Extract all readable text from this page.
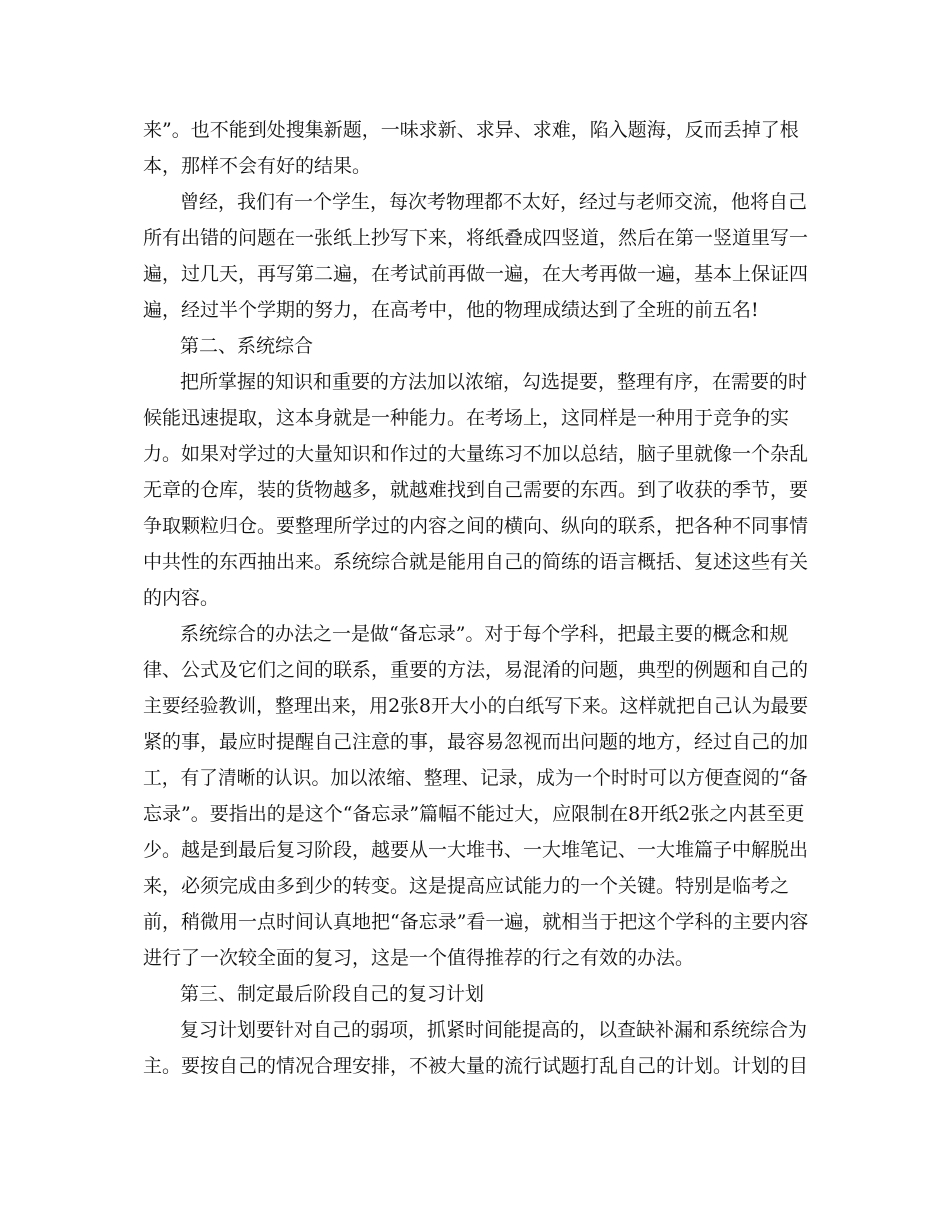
来”。也不能到处搜集新题，一味求新、求异、求难，陷入题海，反而丢掉了根

本，那样不会有好的结果。

曾经，我们有一个学生，每次考物理都不太好，经过与老师交流，他将自己

所有出错的问题在一张纸上抄写下来，将纸叠成四竖道，然后在第一竖道里写一

遍，过几天，再写第二遍，在考试前再做一遍，在大考再做一遍，基本上保证四

遍，经过半个学期的努力，在高考中，他的物理成绩达到了全班的前五名!

第二、系统综合

把所掌握的知识和重要的方法加以浓缩，勾选提要，整理有序，在需要的时

候能迅速提取，这本身就是一种能力。在考场上，这同样是一种用于竞争的实

力。如果对学过的大量知识和作过的大量练习不加以总结，脑子里就像一个杂乱

无章的仓库，装的货物越多，就越难找到自己需要的东西。到了收获的季节，要

争取颗粒归仓。要整理所学过的内容之间的横向、纵向的联系，把各种不同事情

中共性的东西抽出来。系统综合就是能用自己的简练的语言概括、复述这些有关

的内容。

系统综合的办法之一是做“备忘录”。对于每个学科，把最主要的概念和规

律、公式及它们之间的联系，重要的方法，易混淆的问题，典型的例题和自己的

主要经验教训，整理出来，用2张8开大小的白纸写下来。这样就把自己认为最要

紧的事，最应时提醒自己注意的事，最容易忽视而出问题的地方，经过自己的加

工，有了清晰的认识。加以浓缩、整理、记录，成为一个时时可以方便查阅的“备

忘录”。要指出的是这个“备忘录”篇幅不能过大，应限制在8开纸2张之内甚至更

少。越是到最后复习阶段，越要从一大堆书、一大堆笔记、一大堆篇子中解脱出

来，必须完成由多到少的转变。这是提高应试能力的一个关键。特别是临考之

前，稍微用一点时间认真地把“备忘录”看一遍，就相当于把这个学科的主要内容

进行了一次较全面的复习，这是一个值得推荐的行之有效的办法。

第三、制定最后阶段自己的复习计划

复习计划要针对自己的弱项，抓紧时间能提高的，以查缺补漏和系统综合为

主。要按自己的情况合理安排，不被大量的流行试题打乱自己的计划。计划的目
